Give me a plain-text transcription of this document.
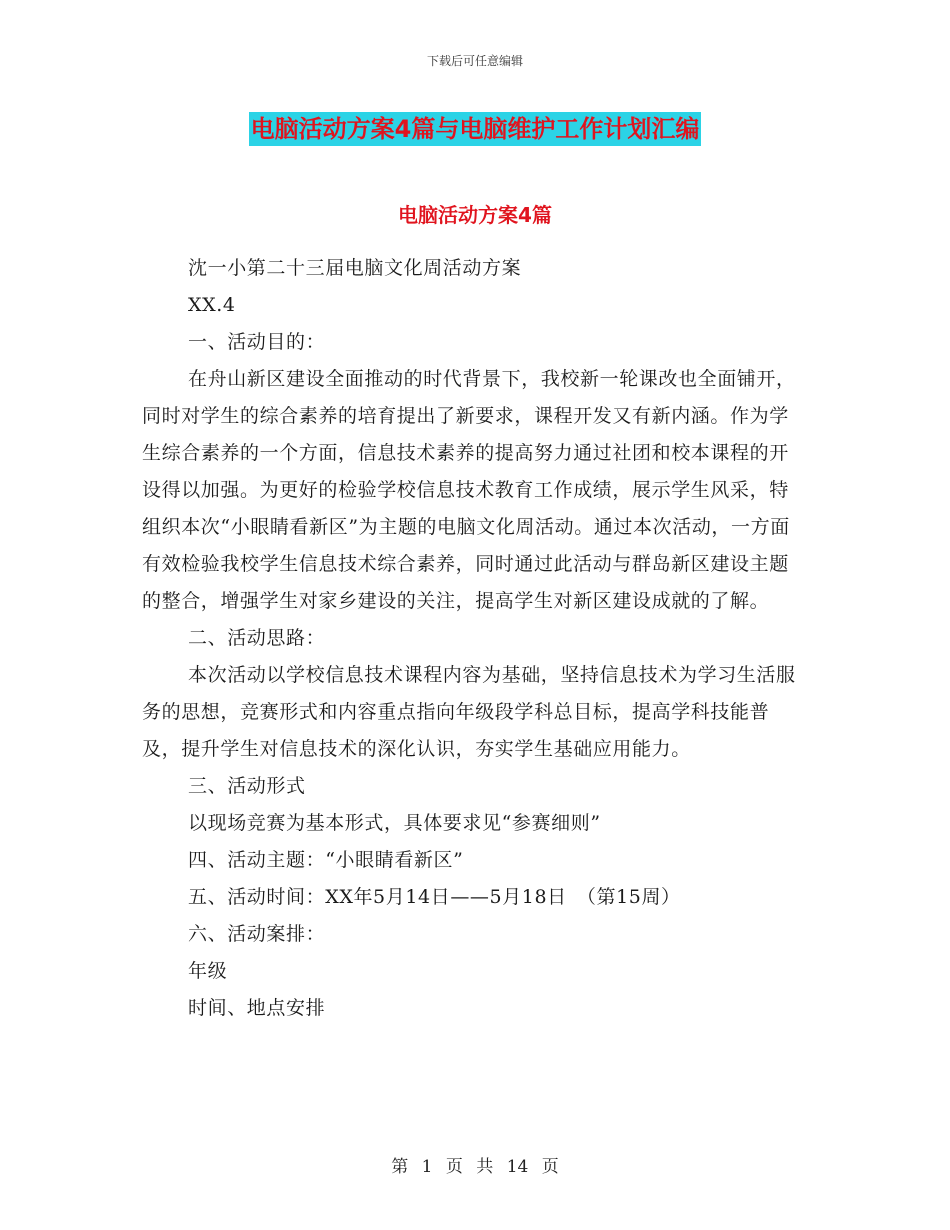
下载后可任意编辑
电脑活动方案4篇与电脑维护工作计划汇编
电脑活动方案4篇

沈一小第二十三届电脑文化周活动方案

XX.4

一、活动目的：

在舟山新区建设全面推动的时代背景下，我校新一轮课改也全面铺开，同时对学生的综合素养的培育提出了新要求，课程开发又有新内涵。作为学生综合素养的一个方面，信息技术素养的提高努力通过社团和校本课程的开设得以加强。为更好的检验学校信息技术教育工作成绩，展示学生风采，特组织本次“小眼睛看新区”为主题的电脑文化周活动。通过本次活动，一方面有效检验我校学生信息技术综合素养，同时通过此活动与群岛新区建设主题的整合，增强学生对家乡建设的关注，提高学生对新区建设成就的了解。

二、活动思路：

本次活动以学校信息技术课程内容为基础，坚持信息技术为学习生活服务的思想，竞赛形式和内容重点指向年级段学科总目标，提高学科技能普及，提升学生对信息技术的深化认识，夯实学生基础应用能力。

三、活动形式

以现场竞赛为基本形式，具体要求见“参赛细则”

四、活动主题：“小眼睛看新区”

五、活动时间：XX年5月14日——5月18日　（第15周）

六、活动案排：

年级

时间、地点安排

第 1 页 共 14 页
